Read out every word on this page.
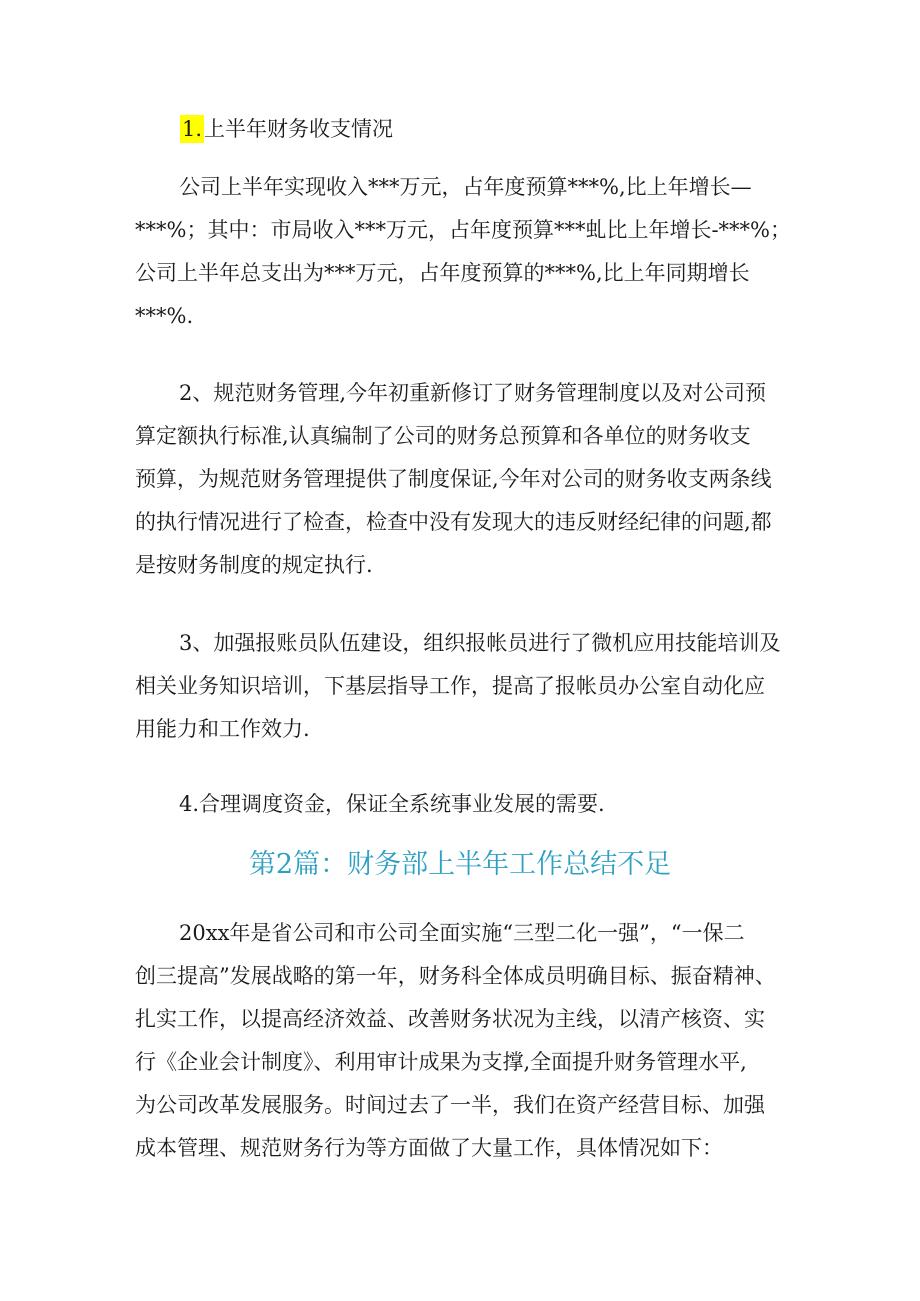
1.上半年财务收支情况

公司上半年实现收入***万元，占年度预算***%,比上年增长—
***%；其中：市局收入***万元，占年度预算***虬比上年增长-***%；
公司上半年总支出为***万元，占年度预算的***%,比上年同期增长
***%.

2、规范财务管理,今年初重新修订了财务管理制度以及对公司预
算定额执行标准,认真编制了公司的财务总预算和各单位的财务收支
预算，为规范财务管理提供了制度保证,今年对公司的财务收支两条线
的执行情况进行了检查，检查中没有发现大的违反财经纪律的问题,都
是按财务制度的规定执行.

3、加强报账员队伍建设，组织报帐员进行了微机应用技能培训及
相关业务知识培训，下基层指导工作，提高了报帐员办公室自动化应
用能力和工作效力.

4.合理调度资金，保证全系统事业发展的需要.

第2篇：财务部上半年工作总结不足

20xx年是省公司和市公司全面实施“三型二化一强”，“一保二
创三提高”发展战略的第一年，财务科全体成员明确目标、振奋精神、
扎实工作，以提高经济效益、改善财务状况为主线，以清产核资、实
行《企业会计制度》、利用审计成果为支撑,全面提升财务管理水平,
为公司改革发展服务。时间过去了一半，我们在资产经营目标、加强
成本管理、规范财务行为等方面做了大量工作，具体情况如下：
